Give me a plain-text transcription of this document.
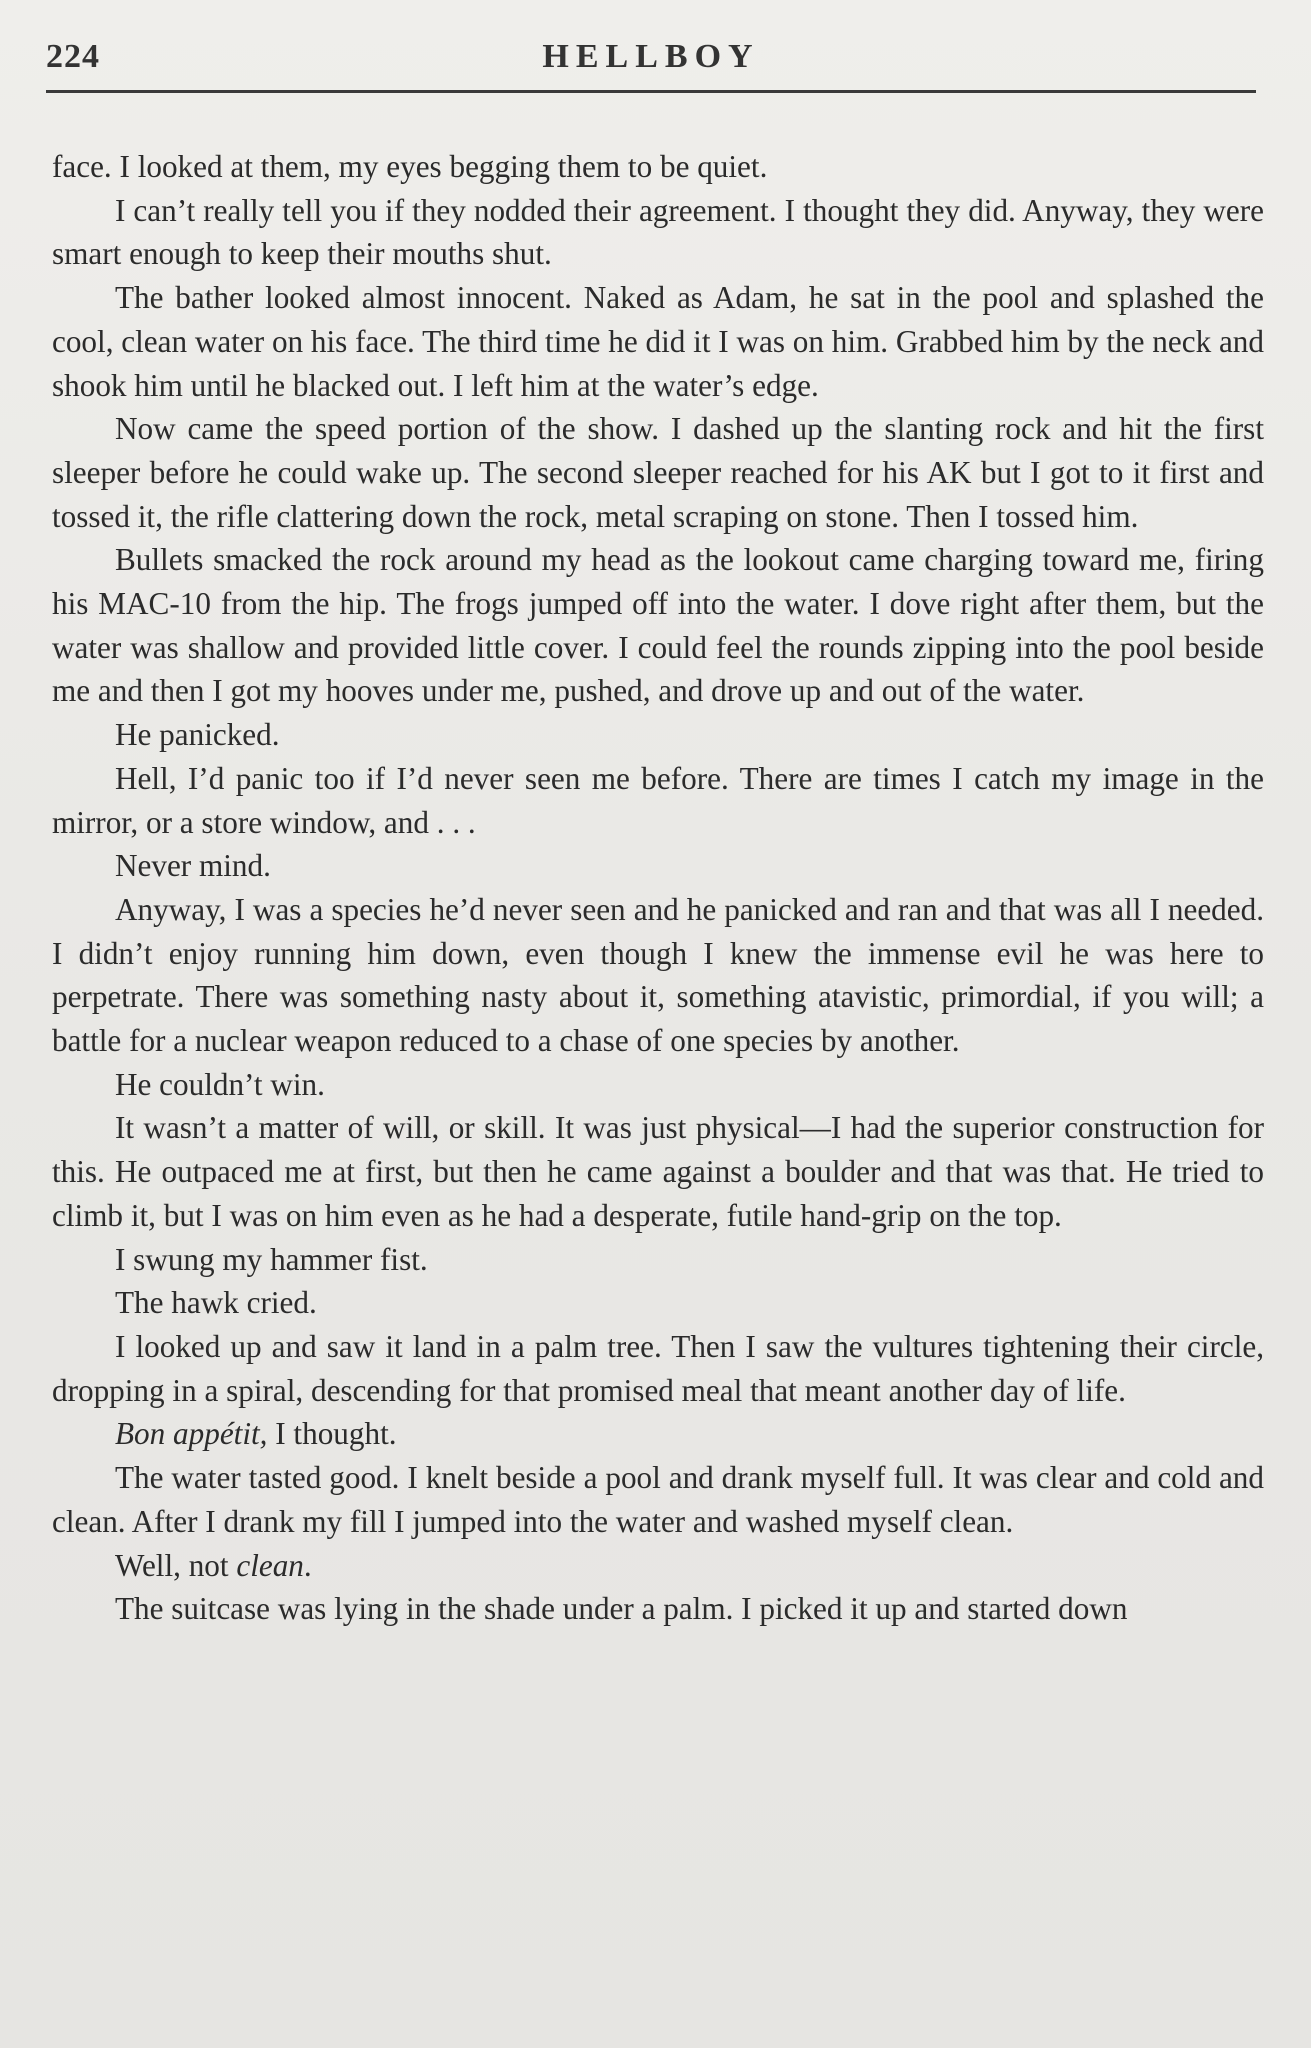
224	HELLBOY

face. I looked at them, my eyes begging them to be quiet.

I can’t really tell you if they nodded their agreement. I thought they did. Anyway, they were smart enough to keep their mouths shut.

The bather looked almost innocent. Naked as Adam, he sat in the pool and splashed the cool, clean water on his face. The third time he did it I was on him. Grabbed him by the neck and shook him until he blacked out. I left him at the water’s edge.

Now came the speed portion of the show. I dashed up the slanting rock and hit the first sleeper before he could wake up. The second sleeper reached for his AK but I got to it first and tossed it, the rifle clattering down the rock, metal scraping on stone. Then I tossed him.

Bullets smacked the rock around my head as the lookout came charging toward me, firing his MAC-10 from the hip. The frogs jumped off into the water. I dove right after them, but the water was shallow and provided little cover. I could feel the rounds zipping into the pool beside me and then I got my hooves under me, pushed, and drove up and out of the water.

He panicked.

Hell, I’d panic too if I’d never seen me before. There are times I catch my image in the mirror, or a store window, and . . .

Never mind.

Anyway, I was a species he’d never seen and he panicked and ran and that was all I needed. I didn’t enjoy running him down, even though I knew the immense evil he was here to perpetrate. There was something nasty about it, something atavistic, primordial, if you will; a battle for a nuclear weapon reduced to a chase of one species by another.

He couldn’t win.

It wasn’t a matter of will, or skill. It was just physical—I had the superior construction for this. He outpaced me at first, but then he came against a boulder and that was that. He tried to climb it, but I was on him even as he had a desperate, futile hand-grip on the top.

I swung my hammer fist.

The hawk cried.

I looked up and saw it land in a palm tree. Then I saw the vultures tightening their circle, dropping in a spiral, descending for that promised meal that meant another day of life.

Bon appétit, I thought.

The water tasted good. I knelt beside a pool and drank myself full. It was clear and cold and clean. After I drank my fill I jumped into the water and washed myself clean.

Well, not clean.

The suitcase was lying in the shade under a palm. I picked it up and started down
